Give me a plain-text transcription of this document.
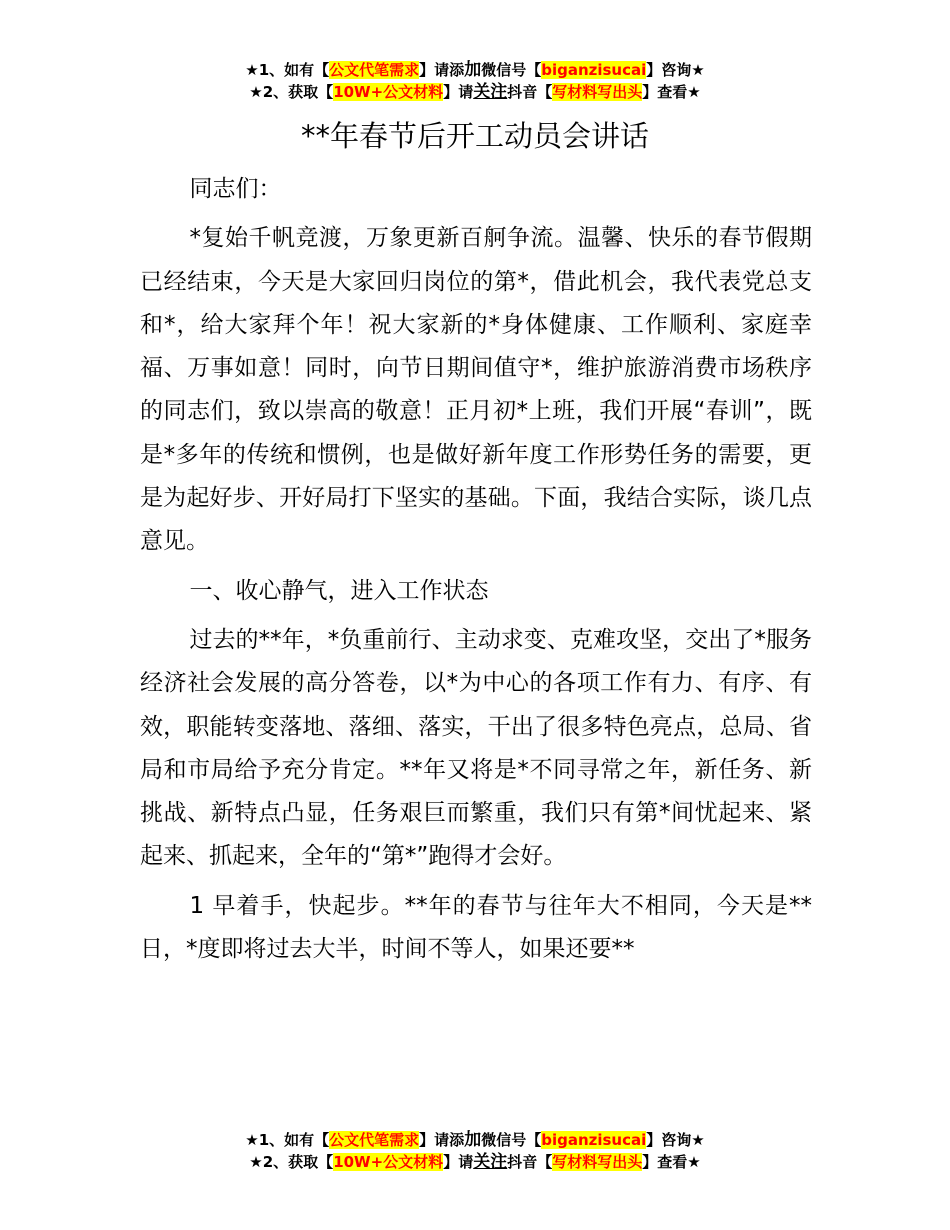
★1、如有【公文代笔需求】请添加微信号【biganzisucai】咨询★
★2、获取【10W+公文材料】请关注抖音【写材料写出头】查看★
**年春节后开工动员会讲话

同志们：

*复始千帆竞渡，万象更新百舸争流。温馨、快乐的春节假期已经结束，今天是大家回归岗位的第*，借此机会，我代表党总支和*，给大家拜个年！祝大家新的*身体健康、工作顺利、家庭幸福、万事如意！同时，向节日期间值守*，维护旅游消费市场秩序的同志们，致以崇高的敬意！正月初*上班，我们开展“春训”，既是*多年的传统和惯例，也是做好新年度工作形势任务的需要，更是为起好步、开好局打下坚实的基础。下面，我结合实际，谈几点意见。

一、收心静气，进入工作状态

过去的**年，*负重前行、主动求变、克难攻坚，交出了*服务经济社会发展的高分答卷，以*为中心的各项工作有力、有序、有效，职能转变落地、落细、落实，干出了很多特色亮点，总局、省局和市局给予充分肯定。**年又将是*不同寻常之年，新任务、新挑战、新特点凸显，任务艰巨而繁重，我们只有第*间忧起来、紧起来、抓起来，全年的“第*”跑得才会好。

1 早着手，快起步。**年的春节与往年大不相同，今天是**日，*度即将过去大半，时间不等人，如果还要**

★1、如有【公文代笔需求】请添加微信号【biganzisucai】咨询★
★2、获取【10W+公文材料】请关注抖音【写材料写出头】查看★
